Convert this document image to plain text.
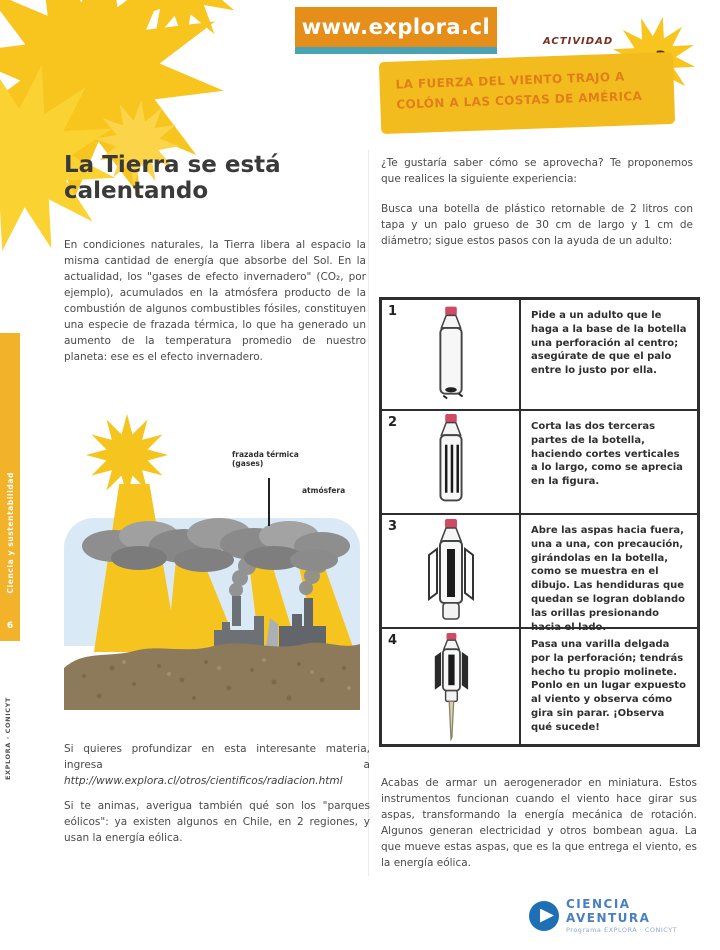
www.explora.cl
ACTIVIDAD
LA FUERZA DEL VIENTO TRAJO A
COLÓN A LAS COSTAS DE AMÉRICA
Ciencia y sustentabilidad
6
EXPLORA · CONICYT
La Tierra se está calentando
En condiciones naturales, la Tierra libera al espacio la misma cantidad de energía que absorbe del Sol. En la actualidad, los "gases de efecto invernadero" (CO₂, por ejemplo), acumulados en la atmósfera producto de la combustión de algunos combustibles fósiles, constituyen una especie de frazada térmica, lo que ha generado un aumento de la temperatura promedio de nuestro planeta: ese es el efecto invernadero.
frazada térmica
(gases)
atmósfera
Si quieres profundizar en esta interesante materia, ingresa a http://www.explora.cl/otros/cientificos/radiacion.html
Si te animas, averigua también qué son los "parques eólicos": ya existen algunos en Chile, en 2 regiones, y usan la energía eólica.
¿Te gustaría saber cómo se aprovecha? Te proponemos que realices la siguiente experiencia:
Busca una botella de plástico retornable de 2 litros con tapa y un palo grueso de 30 cm de largo y 1 cm de diámetro; sigue estos pasos con la ayuda de un adulto:
1	Pide a un adulto que le haga a la base de la botella una perforación al centro; asegúrate de que el palo entre lo justo por ella.
2	Corta las dos terceras partes de la botella, haciendo cortes verticales a lo largo, como se aprecia en la figura.
3	Abre las aspas hacia fuera, una a una, con precaución, girándolas en la botella, como se muestra en el dibujo. Las hendiduras que quedan se logran doblando las orillas presionando hacia el lado.
4	Pasa una varilla delgada por la perforación; tendrás hecho tu propio molinete. Ponlo en un lugar expuesto al viento y observa cómo gira sin parar. ¡Observa qué sucede!
Acabas de armar un aerogenerador en miniatura. Estos instrumentos funcionan cuando el viento hace girar sus aspas, transformando la energía mecánica de rotación. Algunos generan electricidad y otros bombean agua. La que mueve estas aspas, que es la que entrega el viento, es la energía eólica.
CIENCIA AVENTURA
Programa EXPLORA · CONICYT
